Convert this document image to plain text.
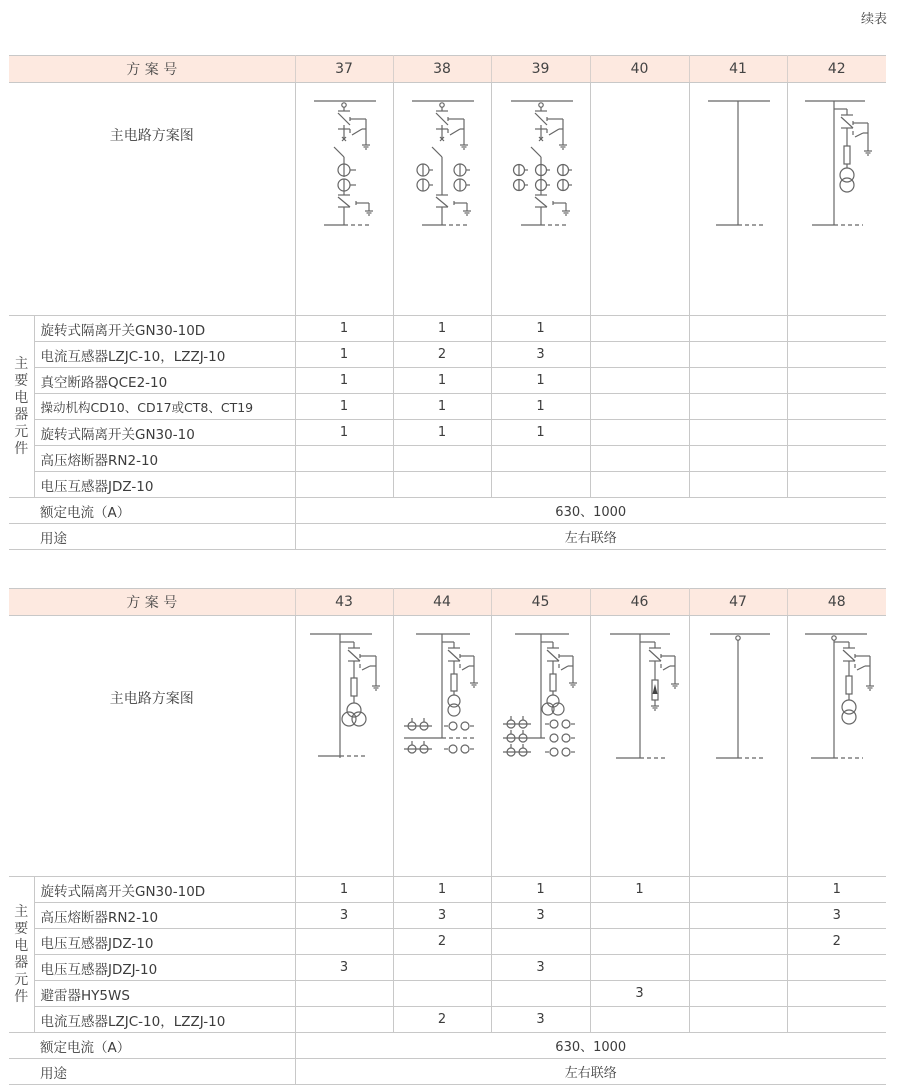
续表
方 案 号		37	38	39	40	41	42
主电路方案图	

主要电器元件	旋转式隔离开关GN30-10D	1	1	1			
	电流互感器LZJC-10，LZZJ-10	1	2	3			
	真空断路器QCE2-10	1	1	1			
	操动机构CD10、CD17或CT8、CT19	1	1	1			
	旋转式隔离开关GN30-10	1	1	1			
	高压熔断器RN2-10						
	电压互感器JDZ-10						
	额定电流（A）	630、1000					
	用途	左右联络					
方 案 号		43	44	45	46	47	48
主电路方案图	

主要电器元件	旋转式隔离开关GN30-10D	1	1	1	1		1
	高压熔断器RN2-10	3	3	3			3
	电压互感器JDZ-10		2				2
	电压互感器JDZJ-10	3		3			
	避雷器HY5WS				3		
	电流互感器LZJC-10，LZZJ-10		2	3			
	额定电流（A）	630、1000					
	用途	左右联络					
